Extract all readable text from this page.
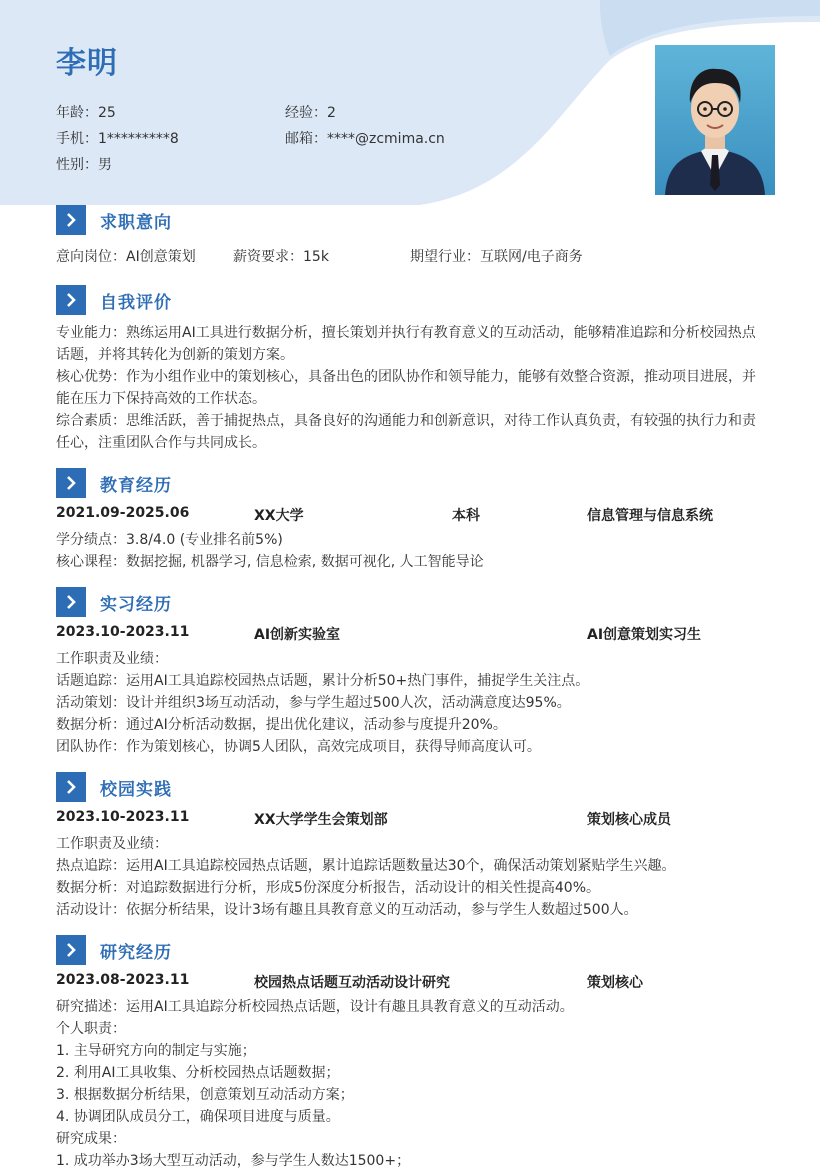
李明
年龄：25	经验：2
手机：1*********8	邮箱：****@zcmima.cn
性别：男
求职意向
意向岗位：AI创意策划	薪资要求：15k	期望行业：互联网/电子商务
自我评价
专业能力：熟练运用AI工具进行数据分析，擅长策划并执行有教育意义的互动活动，能够精准追踪和分析校园热点话题，并将其转化为创新的策划方案。
核心优势：作为小组作业中的策划核心，具备出色的团队协作和领导能力，能够有效整合资源，推动项目进展，并能在压力下保持高效的工作状态。
综合素质：思维活跃，善于捕捉热点，具备良好的沟通能力和创新意识，对待工作认真负责，有较强的执行力和责任心，注重团队合作与共同成长。
教育经历
2021.09-2025.06	XX大学	本科	信息管理与信息系统
学分绩点：3.8/4.0 (专业排名前5%)
核心课程：数据挖掘, 机器学习, 信息检索, 数据可视化, 人工智能导论
实习经历
2023.10-2023.11	AI创新实验室	AI创意策划实习生
工作职责及业绩：
话题追踪：运用AI工具追踪校园热点话题，累计分析50+热门事件，捕捉学生关注点。
活动策划：设计并组织3场互动活动，参与学生超过500人次，活动满意度达95%。
数据分析：通过AI分析活动数据，提出优化建议，活动参与度提升20%。
团队协作：作为策划核心，协调5人团队，高效完成项目，获得导师高度认可。
校园实践
2023.10-2023.11	XX大学学生会策划部	策划核心成员
工作职责及业绩：
热点追踪：运用AI工具追踪校园热点话题，累计追踪话题数量达30个，确保活动策划紧贴学生兴趣。
数据分析：对追踪数据进行分析，形成5份深度分析报告，活动设计的相关性提高40%。
活动设计：依据分析结果，设计3场有趣且具教育意义的互动活动，参与学生人数超过500人。
研究经历
2023.08-2023.11	校园热点话题互动活动设计研究	策划核心
研究描述：运用AI工具追踪分析校园热点话题，设计有趣且具教育意义的互动活动。
个人职责：
1. 主导研究方向的制定与实施；
2. 利用AI工具收集、分析校园热点话题数据；
3. 根据数据分析结果，创意策划互动活动方案；
4. 协调团队成员分工，确保项目进度与质量。
研究成果：
1. 成功举办3场大型互动活动，参与学生人数达1500+；
